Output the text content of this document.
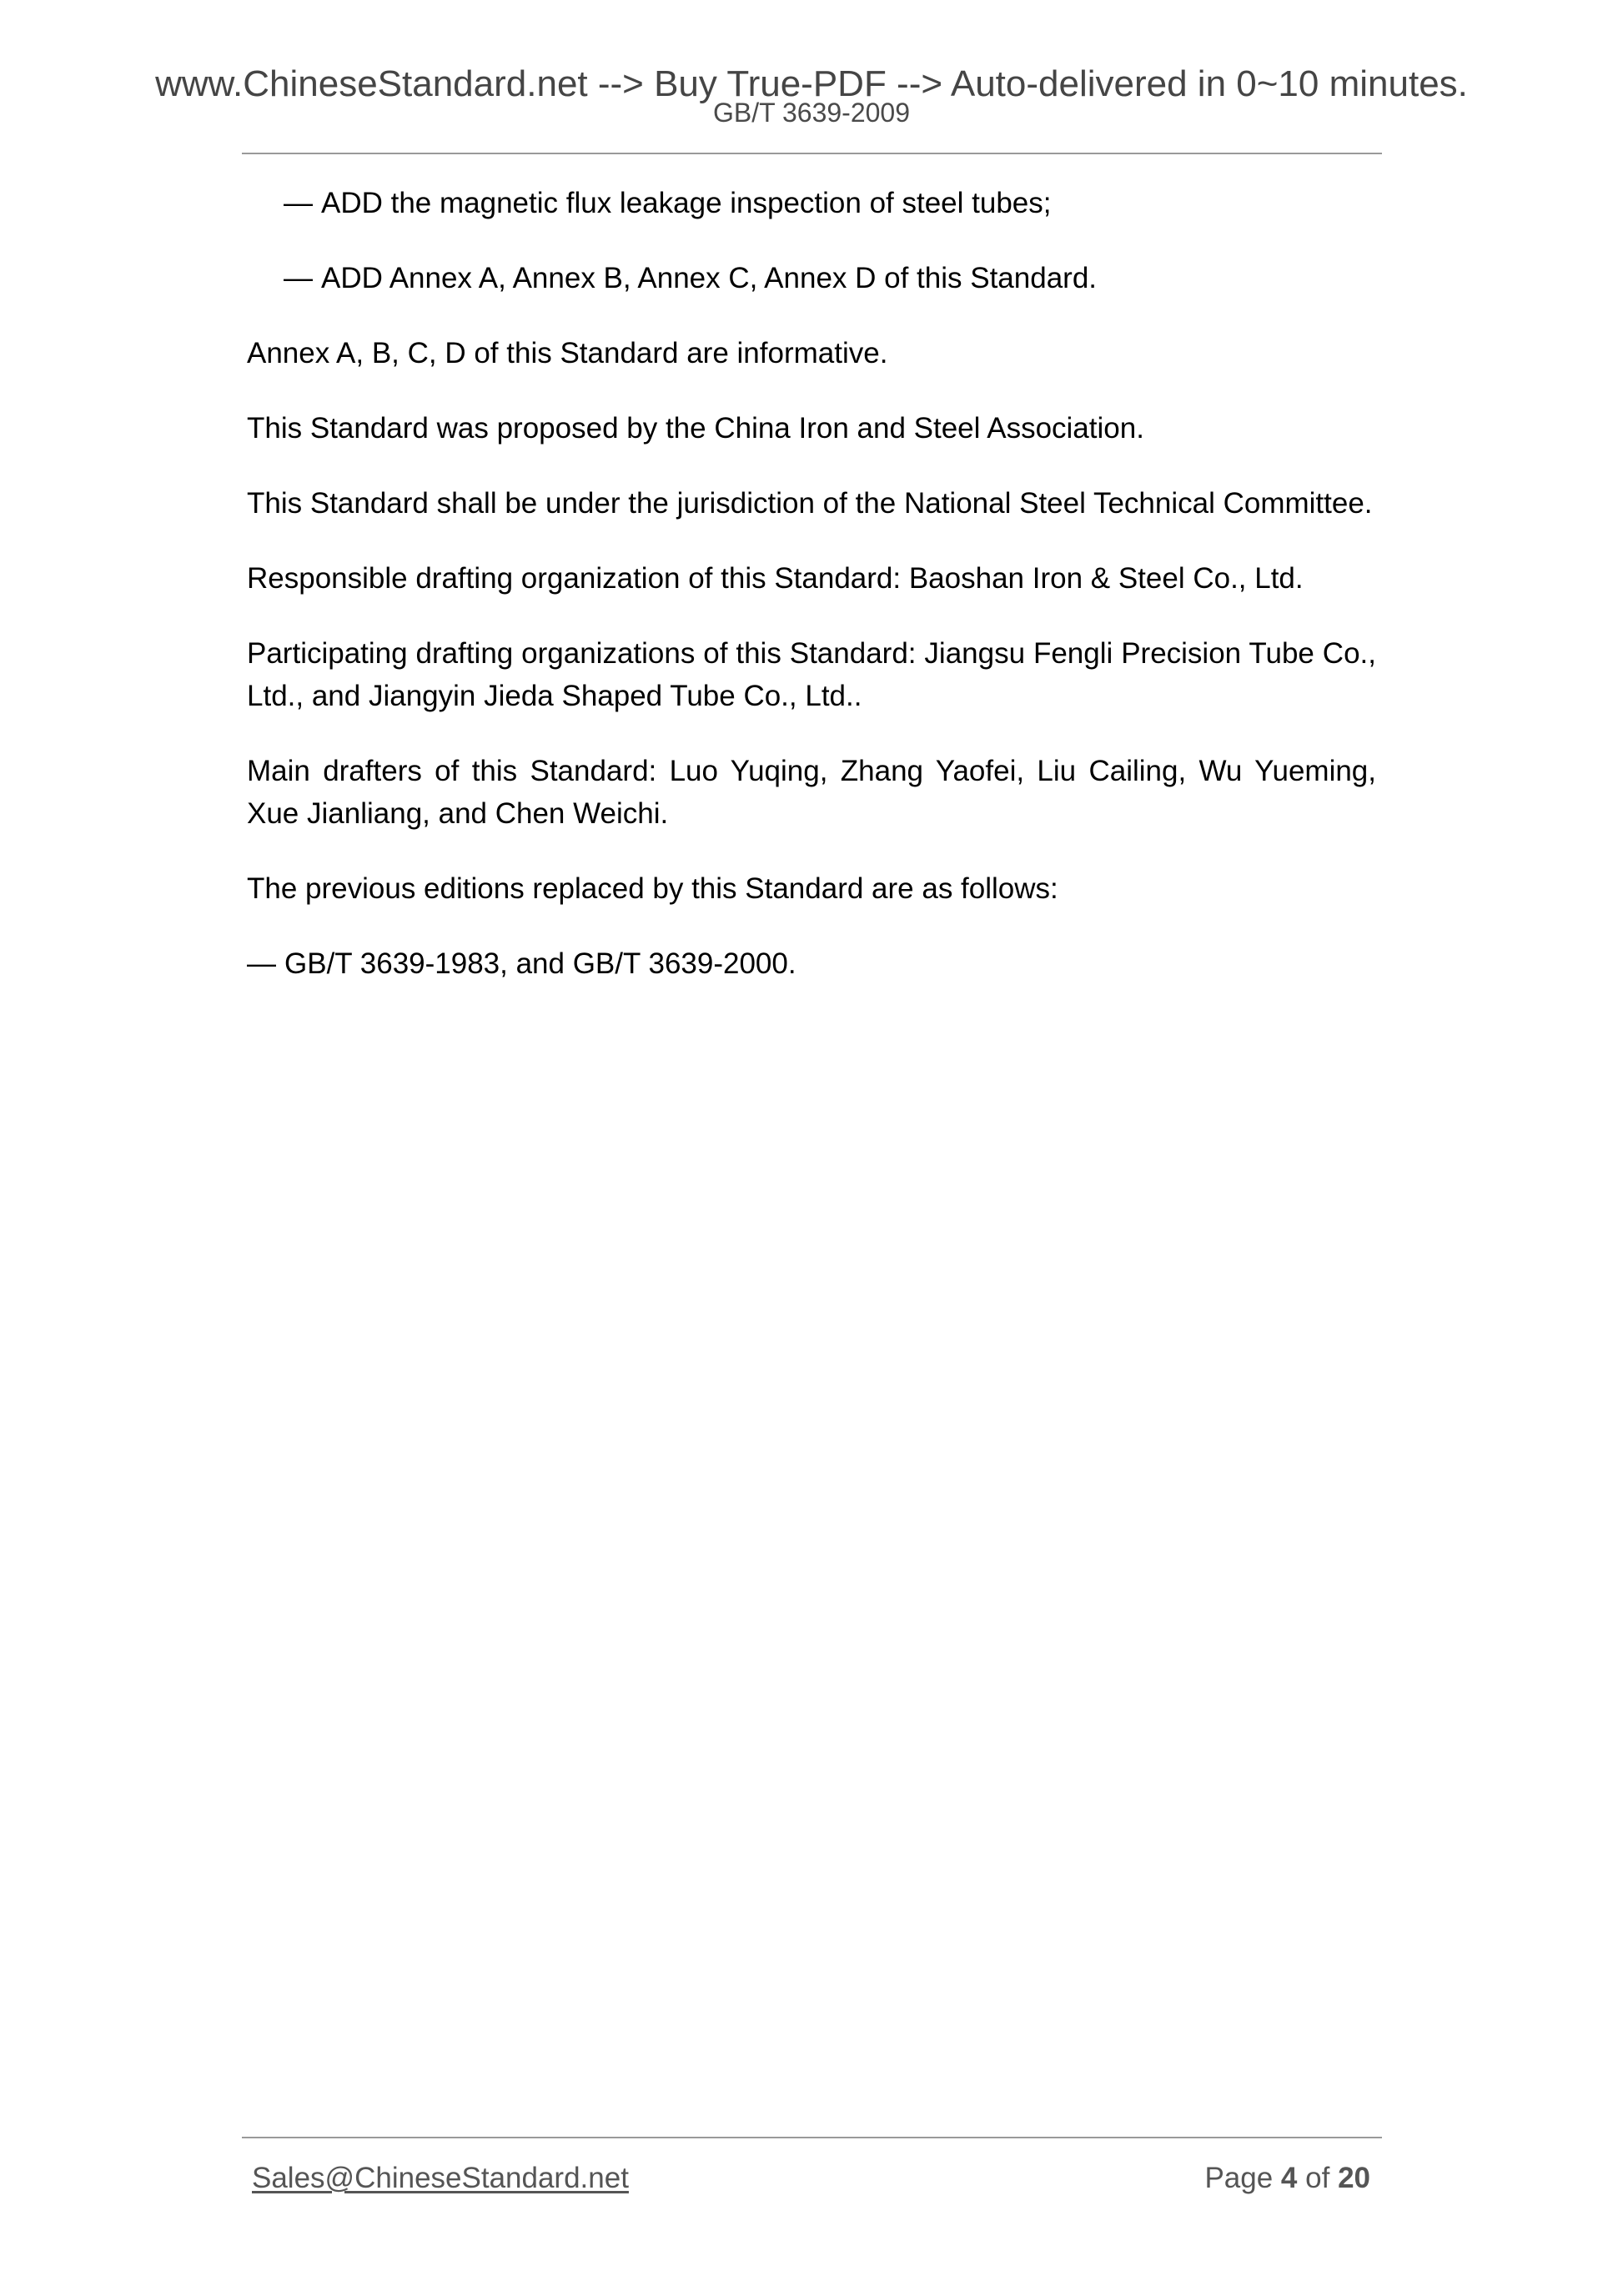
www.ChineseStandard.net --> Buy True-PDF --> Auto-delivered in 0~10 minutes.
GB/T 3639-2009

— ADD the magnetic flux leakage inspection of steel tubes;

— ADD Annex A, Annex B, Annex C, Annex D of this Standard.

Annex A, B, C, D of this Standard are informative.

This Standard was proposed by the China Iron and Steel Association.

This Standard shall be under the jurisdiction of the National Steel Technical Committee.

Responsible drafting organization of this Standard: Baoshan Iron & Steel Co., Ltd.

Participating drafting organizations of this Standard: Jiangsu Fengli Precision Tube Co., Ltd., and Jiangyin Jieda Shaped Tube Co., Ltd..

Main drafters of this Standard: Luo Yuqing, Zhang Yaofei, Liu Cailing, Wu Yueming, Xue Jianliang, and Chen Weichi.

The previous editions replaced by this Standard are as follows:

— GB/T 3639-1983, and GB/T 3639-2000.

Sales@ChineseStandard.net	Page 4 of 20
